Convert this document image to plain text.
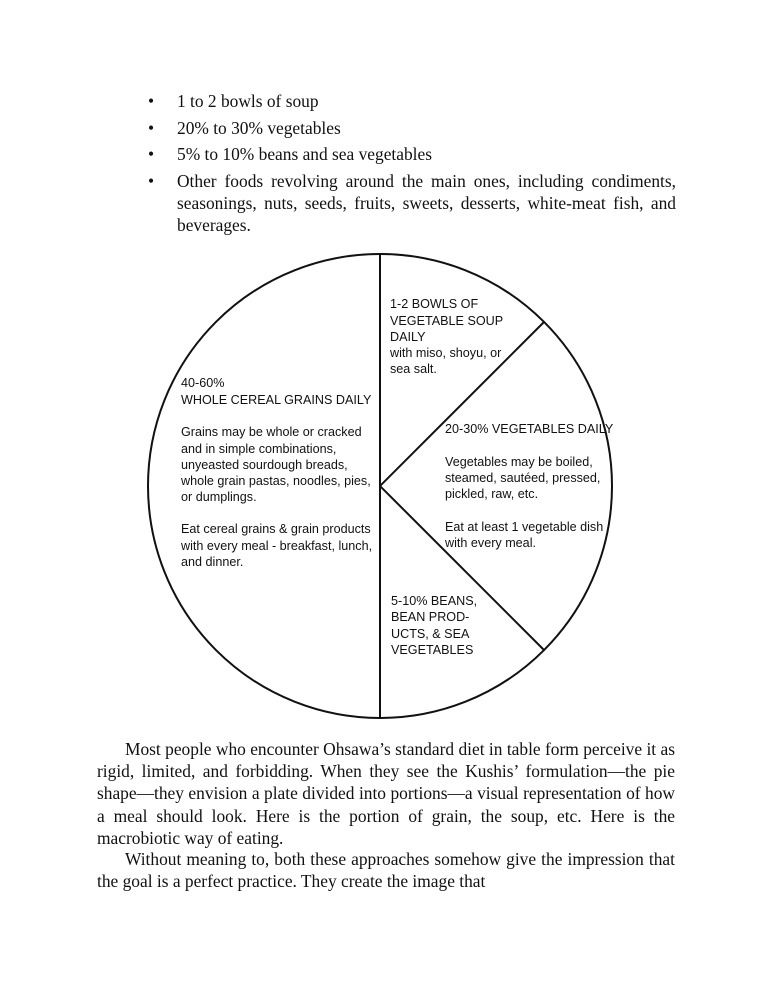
• 1 to 2 bowls of soup
• 20% to 30% vegetables
• 5% to 10% beans and sea vegetables
• Other foods revolving around the main ones, including condiments, seasonings, nuts, seeds, fruits, sweets, desserts, white-meat fish, and beverages.
40-60% WHOLE CEREAL GRAINS DAILY
Grains may be whole or cracked and in simple combinations, unyeasted sourdough breads, whole grain pastas, noodles, pies, or dumplings.
Eat cereal grains & grain products with every meal - breakfast, lunch, and dinner.
1-2 BOWLS OF VEGETABLE SOUP DAILY
with miso, shoyu, or sea salt.
20-30% VEGETABLES DAILY
Vegetables may be boiled, steamed, sautéed, pressed, pickled, raw, etc.
Eat at least 1 vegetable dish with every meal.
5-10% BEANS, BEAN PROD- UCTS, & SEA VEGETABLES

Most people who encounter Ohsawa’s standard diet in table form perceive it as rigid, limited, and forbidding. When they see the Kushis’ formulation—the pie shape—they envision a plate divided into portions—a visual representation of how a meal should look. Here is the portion of grain, the soup, etc. Here is the macrobiotic way of eating.

Without meaning to, both these approaches somehow give the impression that the goal is a perfect practice. They create the image that
